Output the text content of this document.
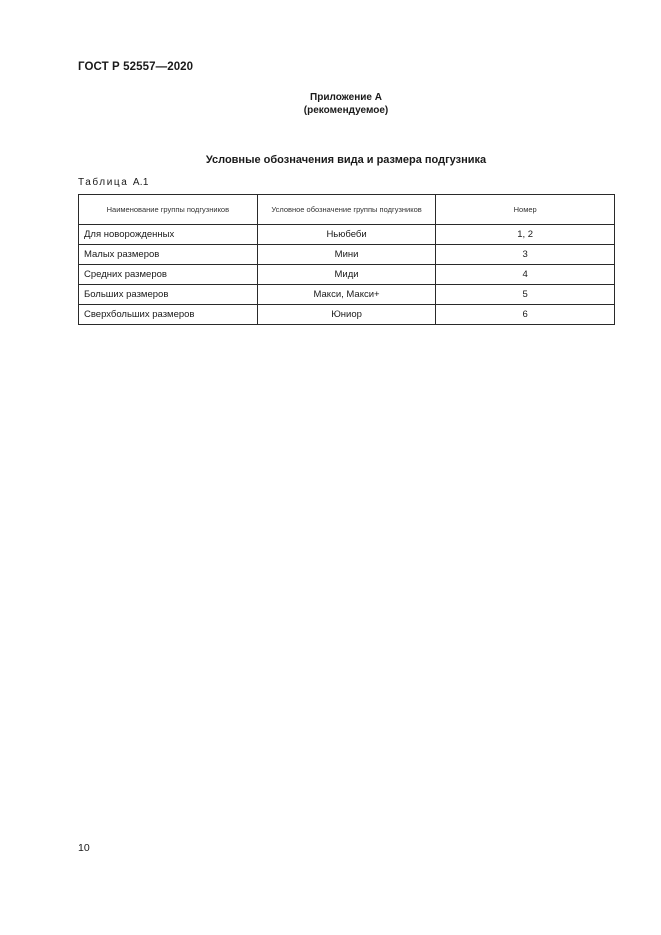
ГОСТ Р 52557—2020
Приложение А
(рекомендуемое)
Условные обозначения вида и размера подгузника
Таблица А.1
Наименование группы подгузников	Условное обозначение группы подгузников	Номер
Для новорожденных	Ньюбеби	1, 2
Малых размеров	Мини	3
Средних размеров	Миди	4
Больших размеров	Макси, Макси+	5
Сверхбольших размеров	Юниор	6
10
